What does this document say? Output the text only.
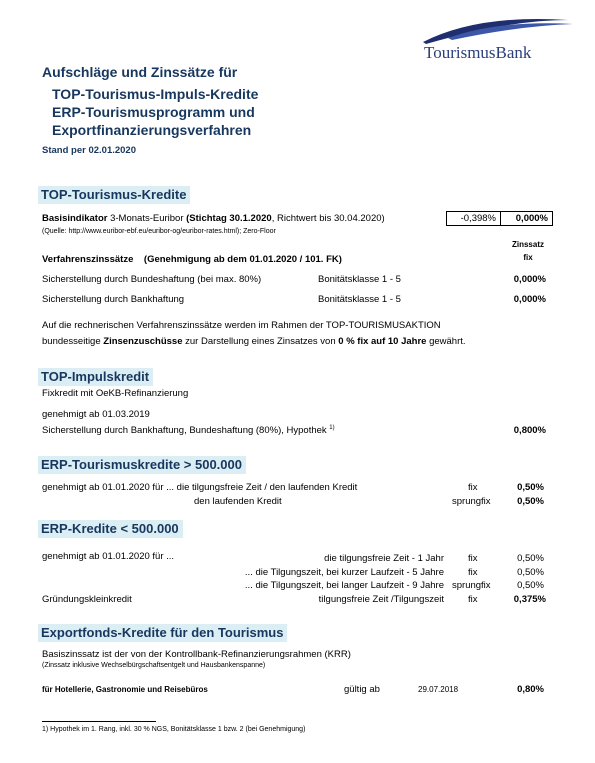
TourismusBank
Aufschläge und Zinssätze für
TOP-Tourismus-Impuls-Kredite
ERP-Tourismusprogramm und
Exportfinanzierungsverfahren
Stand per 02.01.2020
TOP-Tourismus-Kredite
Basisindikator 3-Monats-Euribor (Stichtag 30.1.2020, Richtwert bis 30.04.2020)	-0,398%	0,000%
(Quelle: http://www.euribor-ebf.eu/euribor-og/euribor-rates.html); Zero-Floor
Zinssatz
fix
Verfahrenszinssätze (Genehmigung ab dem 01.01.2020 / 101. FK)
Sicherstellung durch Bundeshaftung (bei max. 80%)	Bonitätsklasse 1 - 5	0,000%
Sicherstellung durch Bankhaftung	Bonitätsklasse 1 - 5	0,000%
Auf die rechnerischen Verfahrenszinssätze werden im Rahmen der TOP-TOURISMUSAKTION
bundesseitige Zinsenzuschüsse zur Darstellung eines Zinsatzes von 0 % fix auf 10 Jahre gewährt.
TOP-Impulskredit
Fixkredit mit OeKB-Refinanzierung
genehmigt ab 01.03.2019
Sicherstellung durch Bankhaftung, Bundeshaftung (80%), Hypothek $^{1)}$	0,800%
ERP-Tourismuskredite > 500.000
genehmigt ab 01.01.2020 für ... die tilgungsfreie Zeit / den laufenden Kredit	fix	0,50%
den laufenden Kredit	sprungfix	0,50%
ERP-Kredite < 500.000
genehmigt ab 01.01.2020 für ...	die tilgungsfreie Zeit - 1 Jahr	fix	0,50%
... die Tilgungszeit, bei kurzer Laufzeit - 5 Jahre	fix	0,50%
... die Tilgungszeit, bei langer Laufzeit - 9 Jahre sprungfix	0,50%
Gründungskleinkredit	tilgungsfreie Zeit /Tilgungszeit	fix	0,375%
Exportfonds-Kredite für den Tourismus
Basiszinssatz ist der von der Kontrollbank-Refinanzierungsrahmen (KRR)
(Zinssatz inklusive Wechselbürgschaftsentgelt und Hausbankenspanne)
für Hotellerie, Gastronomie und Reisebüros	gültig ab	29.07.2018	0,80%
1) Hypothek im 1. Rang, inkl. 30 % NGS, Bonitätsklasse 1 bzw. 2 (bei Genehmigung)
